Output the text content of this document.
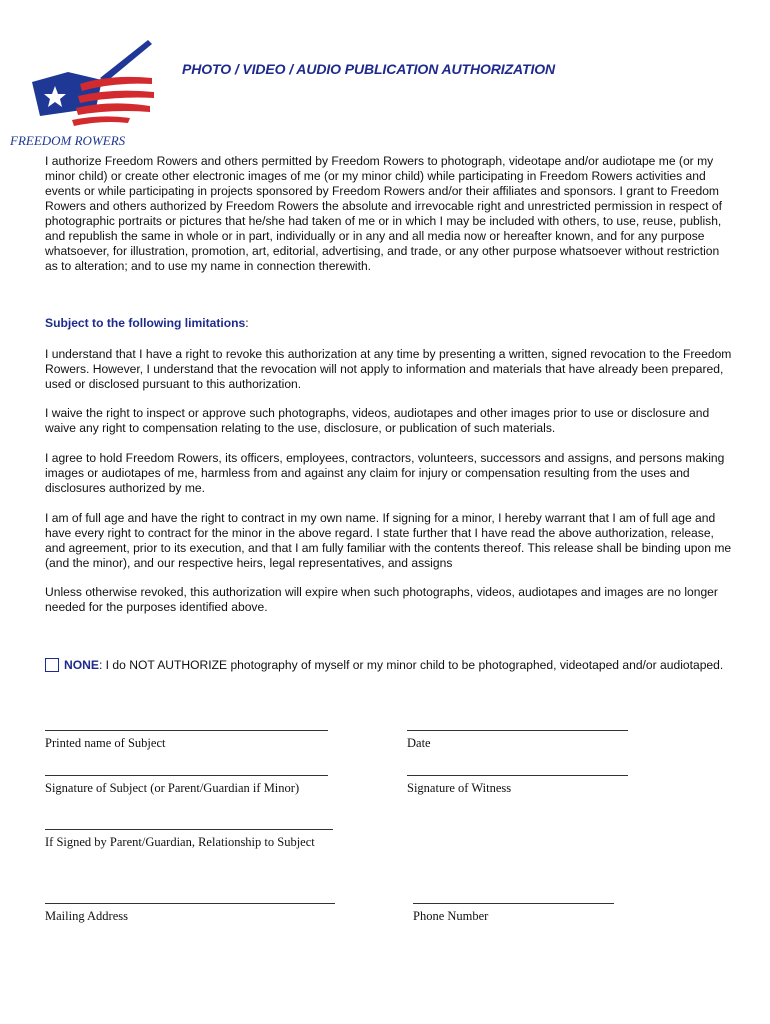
FREEDOM ROWERS
PHOTO / VIDEO / AUDIO PUBLICATION AUTHORIZATION

I authorize Freedom Rowers and others permitted by Freedom Rowers to photograph, videotape and/or audiotape me (or my minor child) or create other electronic images of me (or my minor child) while participating in Freedom Rowers activities and events or while participating in projects sponsored by Freedom Rowers and/or their affiliates and sponsors. I grant to Freedom Rowers and others authorized by Freedom Rowers the absolute and irrevocable right and unrestricted permission in respect of photographic portraits or pictures that he/she had taken of me or in which I may be included with others, to use, reuse, publish, and republish the same in whole or in part, individually or in any and all media now or hereafter known, and for any purpose whatsoever, for illustration, promotion, art, editorial, advertising, and trade, or any other purpose whatsoever without restriction as to alteration; and to use my name in connection therewith.

Subject to the following limitations:

I understand that I have a right to revoke this authorization at any time by presenting a written, signed revocation to the Freedom Rowers. However, I understand that the revocation will not apply to information and materials that have already been prepared, used or disclosed pursuant to this authorization.

I waive the right to inspect or approve such photographs, videos, audiotapes and other images prior to use or disclosure and waive any right to compensation relating to the use, disclosure, or publication of such materials.

I agree to hold Freedom Rowers, its officers, employees, contractors, volunteers, successors and assigns, and persons making images or audiotapes of me, harmless from and against any claim for injury or compensation resulting from the uses and disclosures authorized by me.

I am of full age and have the right to contract in my own name. If signing for a minor, I hereby warrant that I am of full age and have every right to contract for the minor in the above regard. I state further that I have read the above authorization, release, and agreement, prior to its execution, and that I am fully familiar with the contents thereof. This release shall be binding upon me (and the minor), and our respective heirs, legal representatives, and assigns

Unless otherwise revoked, this authorization will expire when such photographs, videos, audiotapes and images are no longer needed for the purposes identified above.

NONE : I do NOT AUTHORIZE photography of myself or my minor child to be photographed, videotaped and/or audiotaped.
Printed name of Subject	Date
Signature of Subject (or Parent/Guardian if Minor)	Signature of Witness
If Signed by Parent/Guardian, Relationship to Subject
Mailing Address	Phone Number
